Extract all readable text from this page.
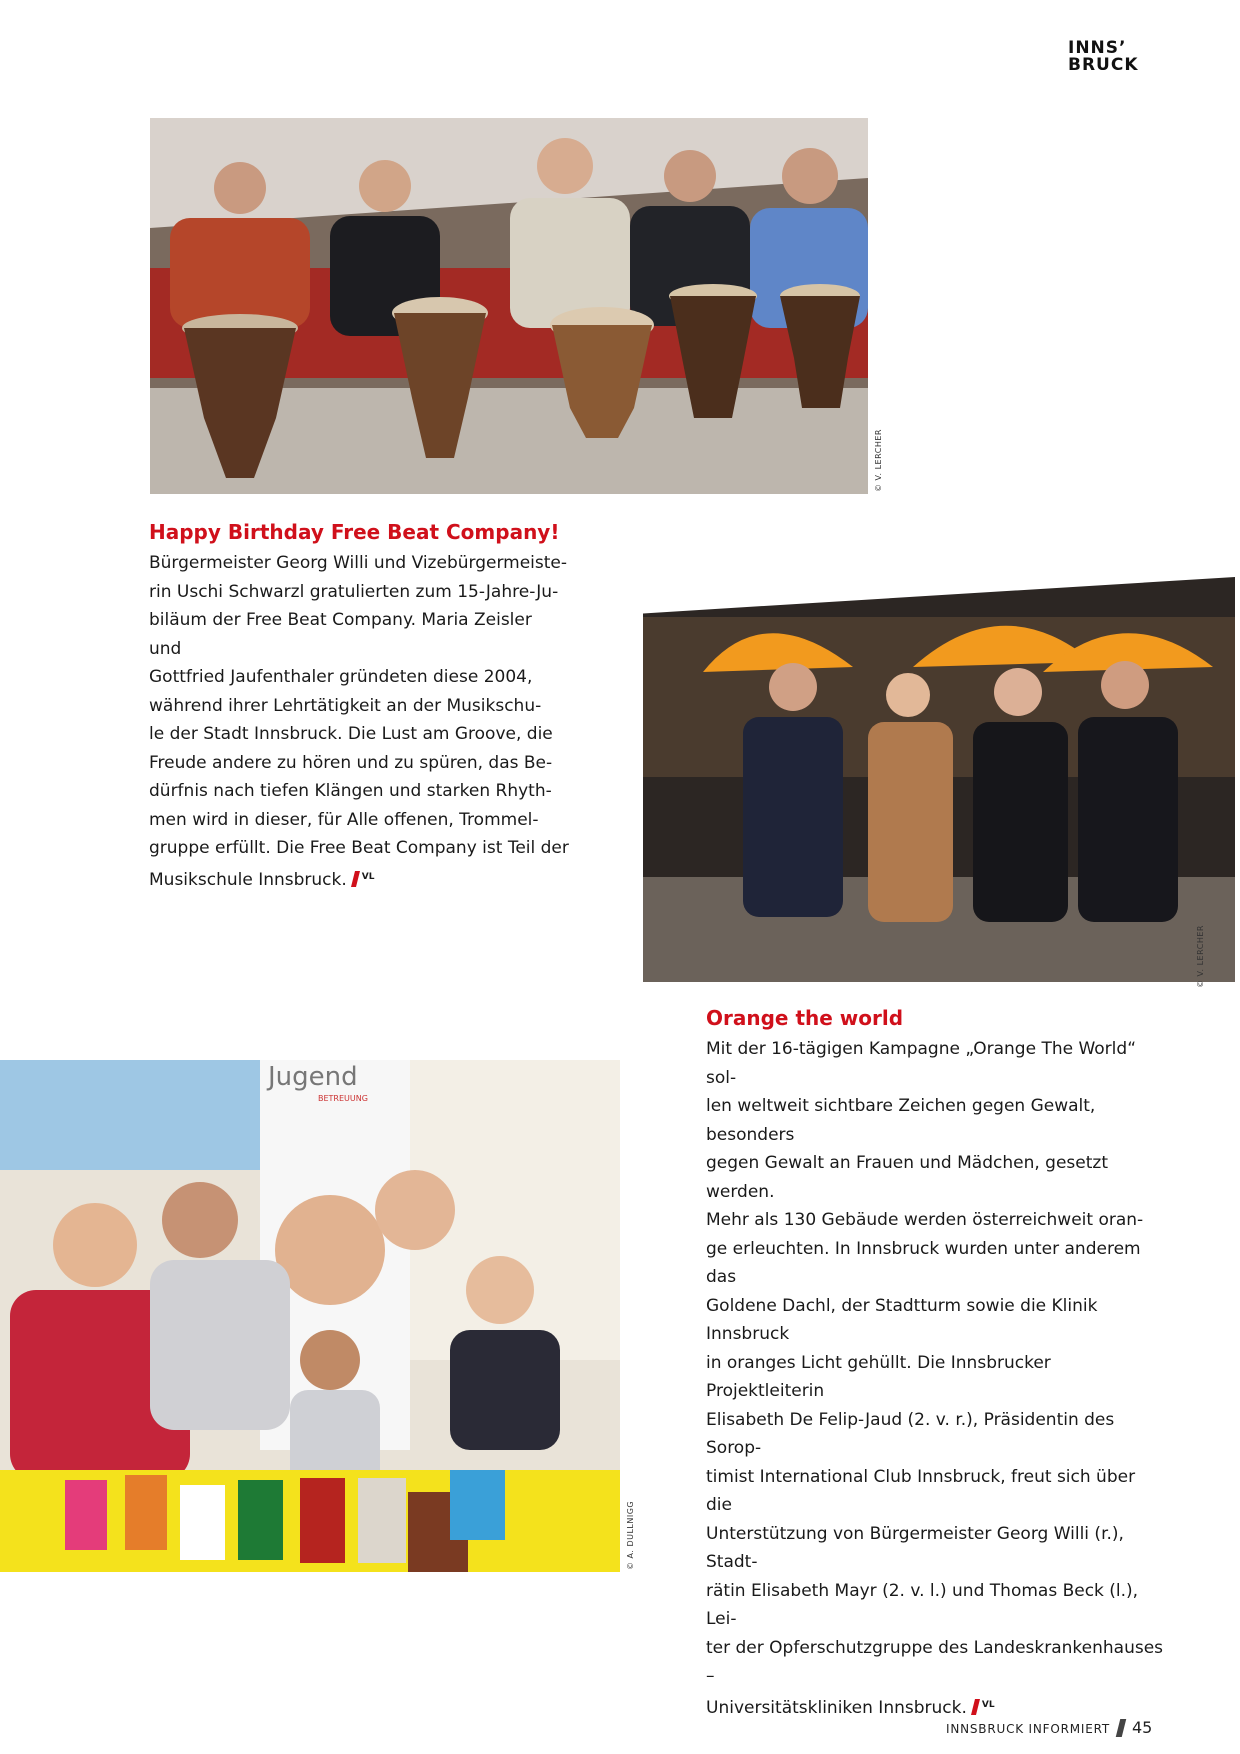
INNS’
BRUCK
© V. LERCHER
Happy Birthday Free Beat Company!

Bürgermeister Georg Willi und Vizebürgermeiste-
rin Uschi Schwarzl gratulierten zum 15-Jahre-Ju-
biläum der Free Beat Company. Maria Zeisler und
Gottfried Jaufenthaler gründeten diese 2004,
während ihrer Lehrtätigkeit an der Musikschu-
le der Stadt Innsbruck. Die Lust am Groove, die
Freude andere zu hören und zu spüren, das Be-
dürfnis nach tiefen Klängen und starken Rhyth-
men wird in dieser, für Alle offenen, Trommel-
gruppe erfüllt. Die Free Beat Company ist Teil der
Musikschule Innsbruck. $^{VL}$

© V. LERCHER
Jugend
BETREUUNG
© A. DULLNIGG
Orange the world

Mit der 16-tägigen Kampagne „Orange The World“ sol-
len weltweit sichtbare Zeichen gegen Gewalt, besonders
gegen Gewalt an Frauen und Mädchen, gesetzt werden.
Mehr als 130 Gebäude werden österreichweit oran-
ge erleuchten. In Innsbruck wurden unter anderem das
Goldene Dachl, der Stadtturm sowie die Klinik Innsbruck
in oranges Licht gehüllt. Die Innsbrucker Projektleiterin
Elisabeth De Felip-Jaud (2. v. r.), Präsidentin des Sorop-
timist International Club Innsbruck, freut sich über die
Unterstützung von Bürgermeister Georg Willi (r.), Stadt-
rätin Elisabeth Mayr (2. v. l.) und Thomas Beck (l.), Lei-
ter der Opferschutzgruppe des Landeskrankenhauses –
Universitätskliniken Innsbruck. $^{VL}$

INNSBRUCK INFORMIERT 45
